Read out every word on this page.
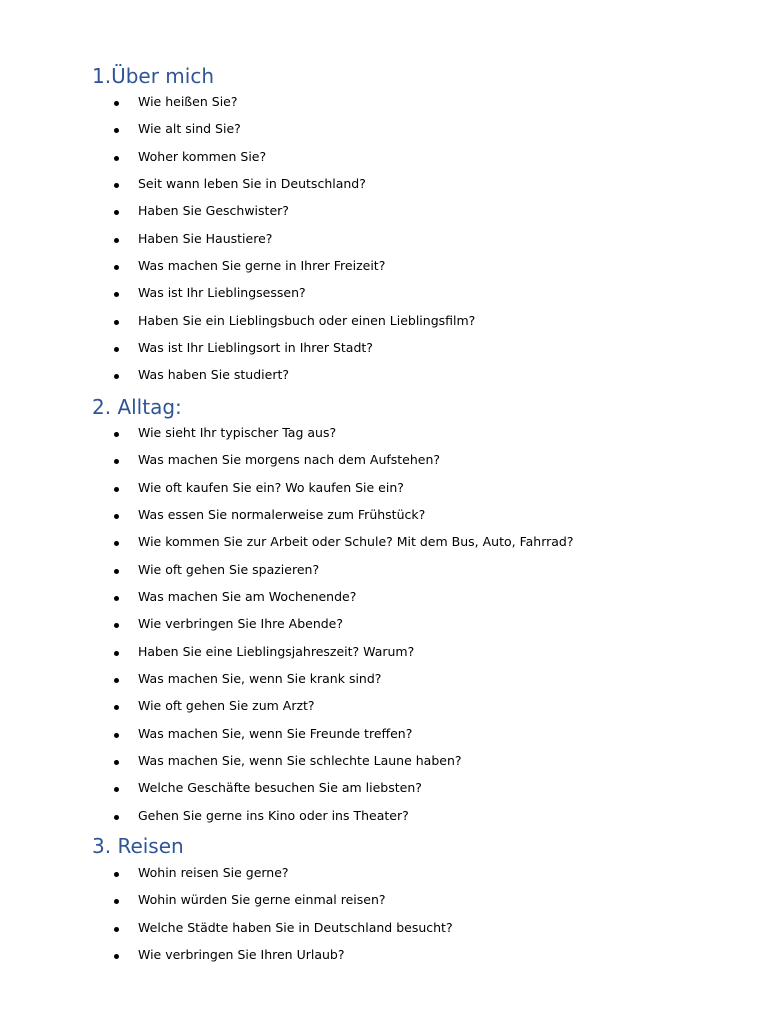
1.Über mich
Wie heißen Sie?
Wie alt sind Sie?
Woher kommen Sie?
Seit wann leben Sie in Deutschland?
Haben Sie Geschwister?
Haben Sie Haustiere?
Was machen Sie gerne in Ihrer Freizeit?
Was ist Ihr Lieblingsessen?
Haben Sie ein Lieblingsbuch oder einen Lieblingsfilm?
Was ist Ihr Lieblingsort in Ihrer Stadt?
Was haben Sie studiert?
2. Alltag:
Wie sieht Ihr typischer Tag aus?
Was machen Sie morgens nach dem Aufstehen?
Wie oft kaufen Sie ein? Wo kaufen Sie ein?
Was essen Sie normalerweise zum Frühstück?
Wie kommen Sie zur Arbeit oder Schule? Mit dem Bus, Auto, Fahrrad?
Wie oft gehen Sie spazieren?
Was machen Sie am Wochenende?
Wie verbringen Sie Ihre Abende?
Haben Sie eine Lieblingsjahreszeit? Warum?
Was machen Sie, wenn Sie krank sind?
Wie oft gehen Sie zum Arzt?
Was machen Sie, wenn Sie Freunde treffen?
Was machen Sie, wenn Sie schlechte Laune haben?
Welche Geschäfte besuchen Sie am liebsten?
Gehen Sie gerne ins Kino oder ins Theater?
3. Reisen
Wohin reisen Sie gerne?
Wohin würden Sie gerne einmal reisen?
Welche Städte haben Sie in Deutschland besucht?
Wie verbringen Sie Ihren Urlaub?
